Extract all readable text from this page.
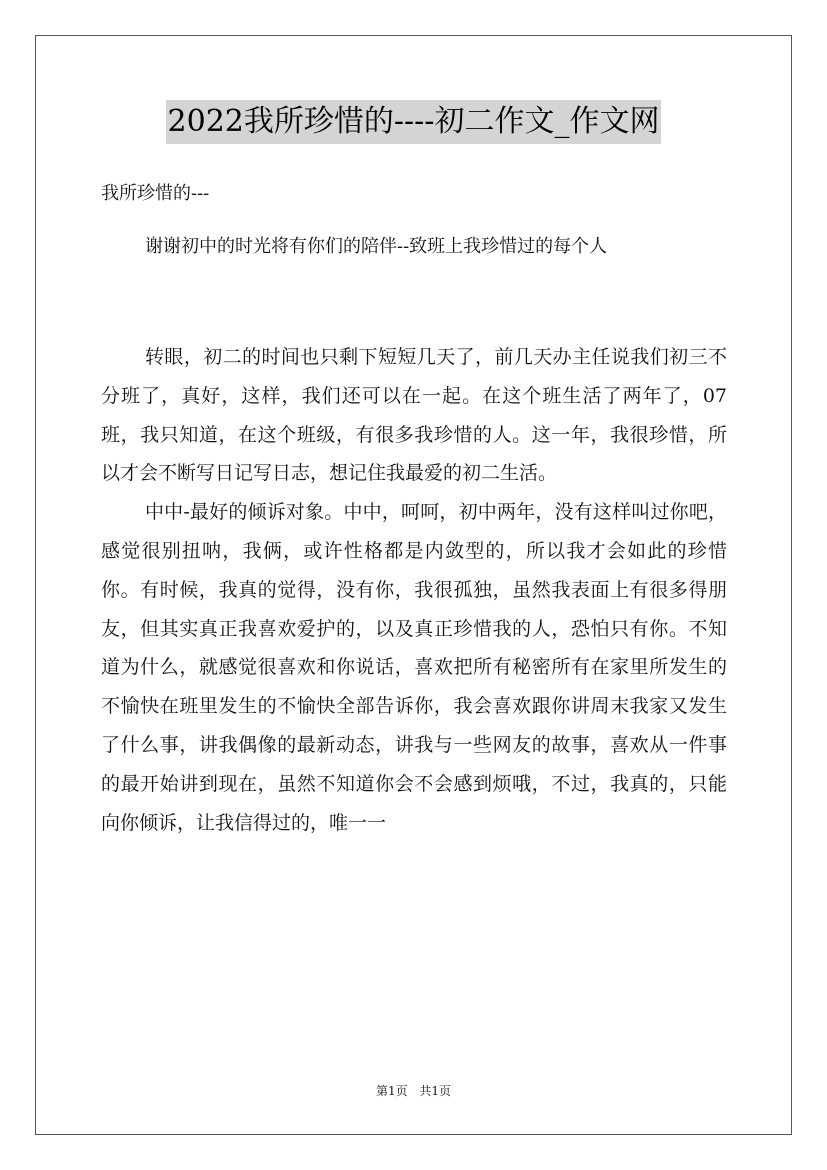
2022我所珍惜的----初二作文_作文网
我所珍惜的---
谢谢初中的时光将有你们的陪伴--致班上我珍惜过的每个人

转眼，初二的时间也只剩下短短几天了，前几天办主任说我们初三不分班了，真好，这样，我们还可以在一起。在这个班生活了两年了，07班，我只知道，在这个班级，有很多我珍惜的人。这一年，我很珍惜，所以才会不断写日记写日志，想记住我最爱的初二生活。

中中-最好的倾诉对象。中中，呵呵，初中两年，没有这样叫过你吧，感觉很别扭呐，我俩，或许性格都是内敛型的，所以我才会如此的珍惜你。有时候，我真的觉得，没有你，我很孤独，虽然我表面上有很多得朋友，但其实真正我喜欢爱护的，以及真正珍惜我的人，恐怕只有你。不知道为什么，就感觉很喜欢和你说话，喜欢把所有秘密所有在家里所发生的不愉快在班里发生的不愉快全部告诉你，我会喜欢跟你讲周末我家又发生了什么事，讲我偶像的最新动态，讲我与一些网友的故事，喜欢从一件事的最开始讲到现在，虽然不知道你会不会感到烦哦，不过，我真的，只能向你倾诉，让我信得过的，唯一一

第1页 共1页
